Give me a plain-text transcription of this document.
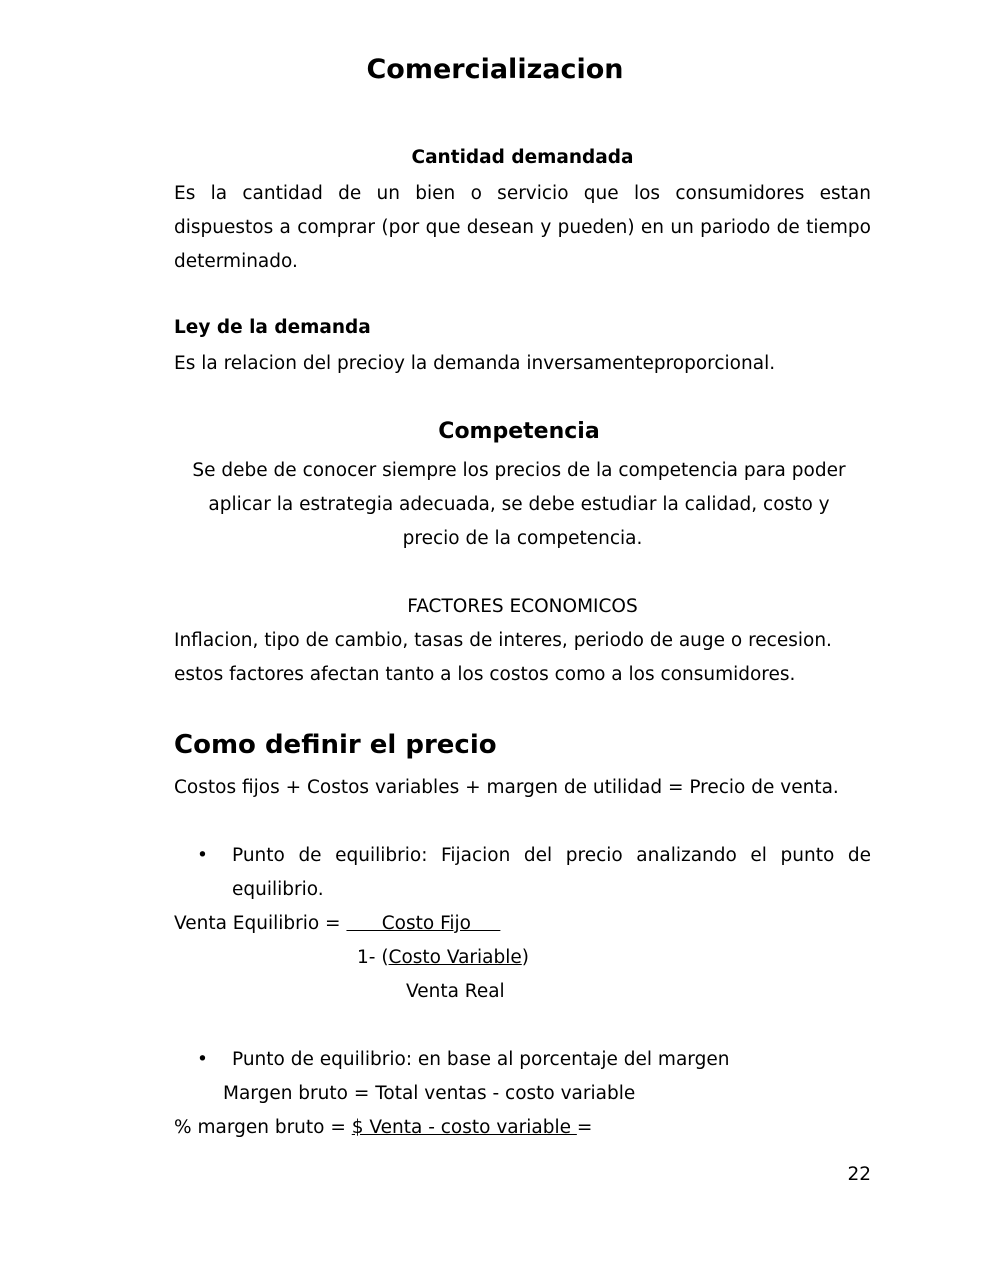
Comercializacion
Cantidad demandada
Es la cantidad de un bien o servicio que los consumidores estan dispuestos a comprar (por que desean y pueden) en un pariodo de tiempo determinado.
Ley de la demanda
Es la relacion del precioy la demanda inversamenteproporcional.
Competencia
Se debe de conocer siempre los precios de la competencia para poder
aplicar la estrategia adecuada, se debe estudiar la calidad, costo y
precio de la competencia.
FACTORES ECONOMICOS
Inflacion, tipo de cambio, tasas de interes, periodo de auge o recesion.
estos factores afectan tanto a los costos como a los consumidores.
Como definir el precio
Costos fijos + Costos variables + margen de utilidad = Precio de venta.
• Punto de equilibrio: Fijacion del precio analizando el punto de equilibrio.
Venta Equilibrio =       Costo Fijo
1- (Costo Variable)
Venta Real
• Punto de equilibrio: en base al porcentaje del margen
Margen bruto = Total ventas - costo variable
% margen bruto = $ Venta - costo variable =
22
